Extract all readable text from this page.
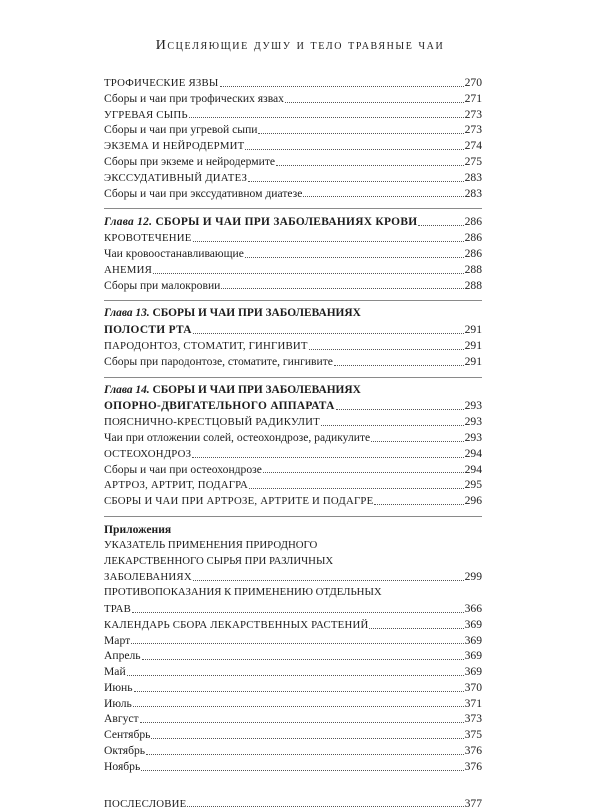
Исцеляющие душу и тело травяные чаи
ТРОФИЧЕСКИЕ ЯЗВЫ	270
Сборы и чаи при трофических язвах	271
УГРЕВАЯ СЫПЬ	273
Сборы и чаи при угревой сыпи	273
ЭКЗЕМА И НЕЙРОДЕРМИТ	274
Сборы при экземе и нейродермите	275
ЭКССУДАТИВНЫЙ ДИАТЕЗ	283
Сборы и чаи при экссудативном диатезе	283
Глава 12. СБОРЫ И ЧАИ ПРИ ЗАБОЛЕВАНИЯХ КРОВИ	286
КРОВОТЕЧЕНИЕ	286
Чаи кровоостанавливающие	286
АНЕМИЯ	288
Сборы при малокровии	288
Глава 13. СБОРЫ И ЧАИ ПРИ ЗАБОЛЕВАНИЯХ
ПОЛОСТИ РТА	291
ПАРОДОНТОЗ, СТОМАТИТ, ГИНГИВИТ	291
Сборы при пародонтозе, стоматите, гингивите	291
Глава 14. СБОРЫ И ЧАИ ПРИ ЗАБОЛЕВАНИЯХ
ОПОРНО-ДВИГАТЕЛЬНОГО АППАРАТА	293
ПОЯСНИЧНО-КРЕСТЦОВЫЙ РАДИКУЛИТ	293
Чаи при отложении солей, остеохондрозе, радикулите	293
ОСТЕОХОНДРОЗ	294
Сборы и чаи при остеохондрозе	294
АРТРОЗ, АРТРИТ, ПОДАГРА	295
СБОРЫ И ЧАИ ПРИ АРТРОЗЕ, АРТРИТЕ И ПОДАГРЕ	296
Приложения
УКАЗАТЕЛЬ ПРИМЕНЕНИЯ ПРИРОДНОГО
ЛЕКАРСТВЕННОГО СЫРЬЯ ПРИ РАЗЛИЧНЫХ
ЗАБОЛЕВАНИЯХ	299
ПРОТИВОПОКАЗАНИЯ К ПРИМЕНЕНИЮ ОТДЕЛЬНЫХ
ТРАВ	366
КАЛЕНДАРЬ СБОРА ЛЕКАРСТВЕННЫХ РАСТЕНИЙ	369
Март	369
Апрель	369
Май	369
Июнь	370
Июль	371
Август	373
Сентябрь	375
Октябрь	376
Ноябрь	376
ПОСЛЕСЛОВИЕ	377
